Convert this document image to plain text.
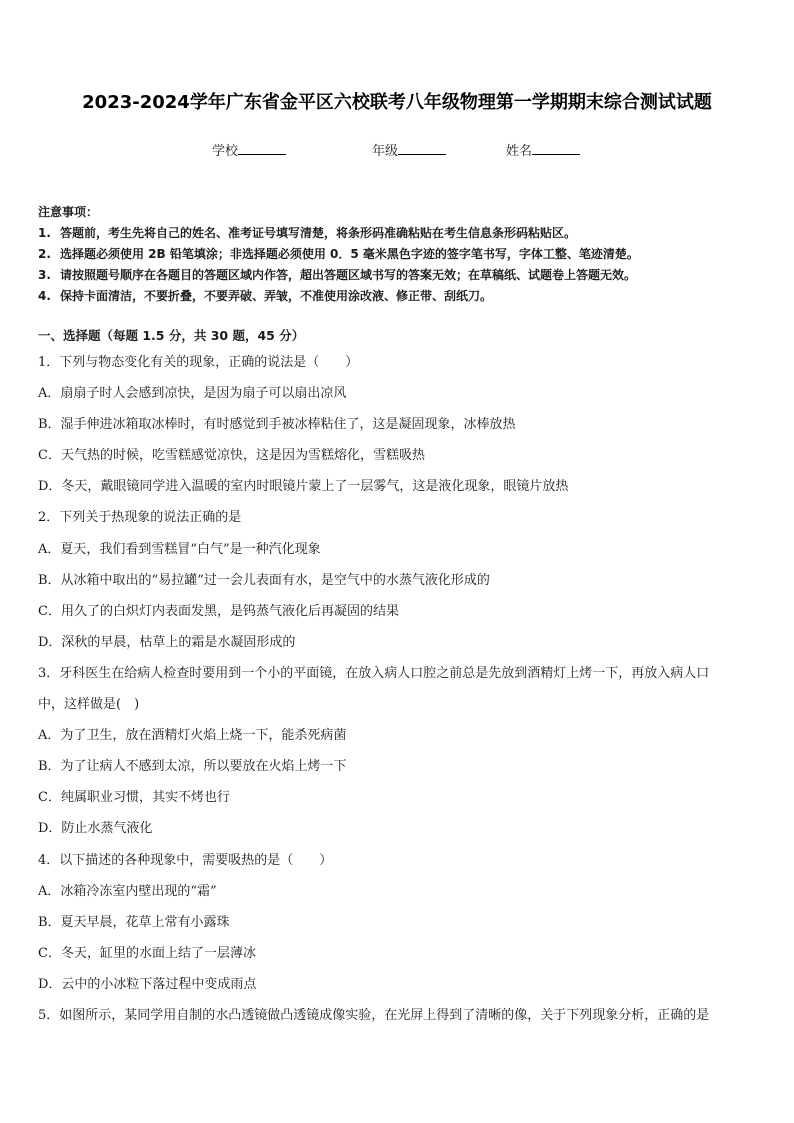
2023-2024学年广东省金平区六校联考八年级物理第一学期期末综合测试试题
学校	年级	姓名
注意事项：
1. 答题前，考生先将自己的姓名、准考证号填写清楚，将条形码准确粘贴在考生信息条形码粘贴区。
2. 选择题必须使用 2B 铅笔填涂；非选择题必须使用 0．5 毫米黑色字迹的签字笔书写，字体工整、笔迹清楚。
3. 请按照题号顺序在各题目的答题区域内作答，超出答题区域书写的答案无效；在草稿纸、试题卷上答题无效。
4. 保持卡面清洁，不要折叠，不要弄破、弄皱，不准使用涂改液、修正带、刮纸刀。
一、选择题（每题 1.5 分，共 30 题，45 分）
1．下列与物态变化有关的现象，正确的说法是（　　）
A．扇扇子时人会感到凉快，是因为扇子可以扇出凉风
B．湿手伸进冰箱取冰棒时，有时感觉到手被冰棒粘住了，这是凝固现象，冰棒放热
C．天气热的时候，吃雪糕感觉凉快，这是因为雪糕熔化，雪糕吸热
D．冬天，戴眼镜同学进入温暖的室内时眼镜片蒙上了一层雾气，这是液化现象，眼镜片放热
2．下列关于热现象的说法正确的是
A．夏天，我们看到雪糕冒“白气”是一种汽化现象
B．从冰箱中取出的“易拉罐”过一会儿表面有水，是空气中的水蒸气液化形成的
C．用久了的白炽灯内表面发黑，是钨蒸气液化后再凝固的结果
D．深秋的早晨，枯草上的霜是水凝固形成的
3．牙科医生在给病人检查时要用到一个小的平面镜，在放入病人口腔之前总是先放到酒精灯上烤一下，再放入病人口
中，这样做是(　)
A．为了卫生，放在酒精灯火焰上烧一下，能杀死病菌
B．为了让病人不感到太凉，所以要放在火焰上烤一下
C．纯属职业习惯，其实不烤也行
D．防止水蒸气液化
4．以下描述的各种现象中，需要吸热的是（　　）
A．冰箱冷冻室内壁出现的“霜”
B．夏天早晨，花草上常有小露珠
C．冬天，缸里的水面上结了一层薄冰
D．云中的小冰粒下落过程中变成雨点
5．如图所示，某同学用自制的水凸透镜做凸透镜成像实验，在光屏上得到了清晰的像，关于下列现象分析，正确的是
